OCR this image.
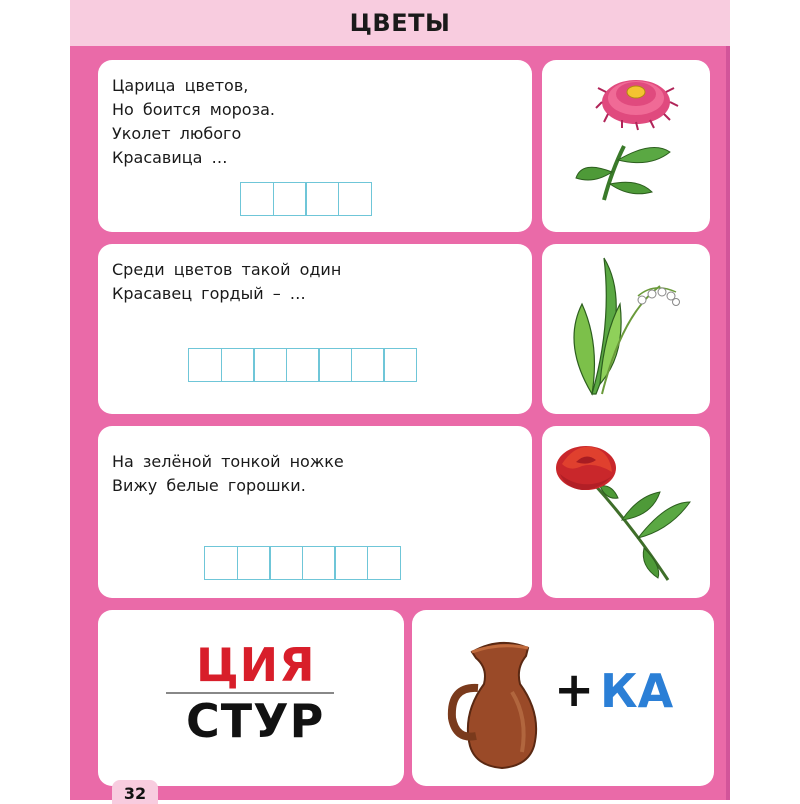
ЦВЕТЫ
Царица цветов,
Но боится мороза.
Уколет любого
Красавица …
Среди цветов такой один
Красавец гордый – …
На зелёной тонкой ножке
Вижу белые горошки.
ЦИЯ
СТУР
+ КА
32
